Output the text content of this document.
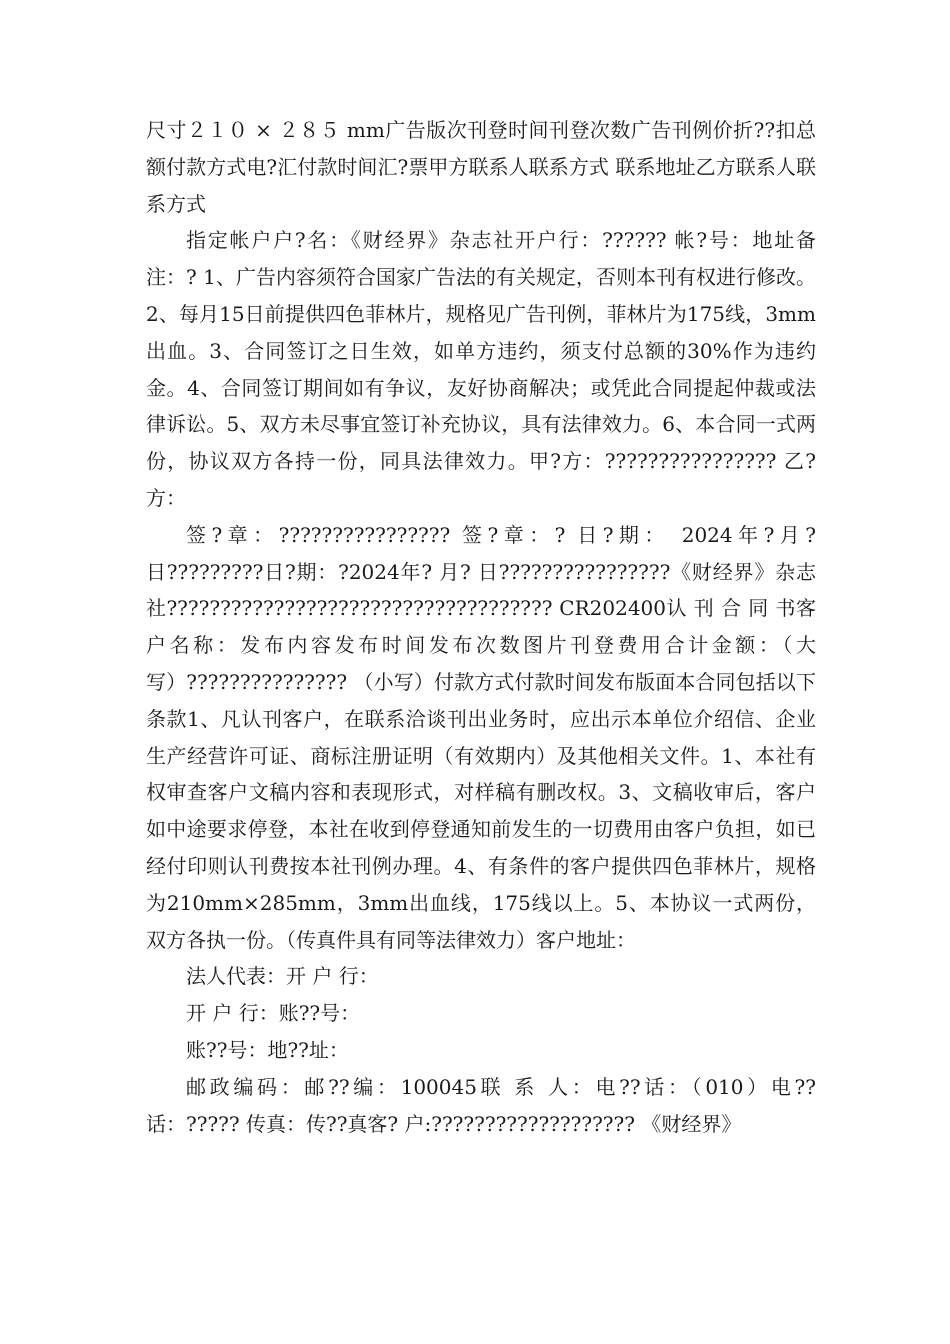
尺寸２１０ × ２８５ mm广告版次刊登时间刊登次数广告刊例价折??扣总 额付款方式电?汇付款时间汇?票甲方联系人联系方式 联系地址乙方联系人联系方式

指定帐户户?名：《财经界》杂志社开户行：?????? 帐?号：地址备注：? 1、广告内容须符合国家广告法的有关规定，否则本刊有权进行修改。2、每月15日前提供四色菲林片，规格见广告刊例，菲林片为175线，3mm出血。3、合同签订之日生效，如单方违约，须支付总额的30%作为违约金。4、合同签订期间如有争议，友好协商解决；或凭此合同提起仲裁或法律诉讼。5、双方未尽事宜签订补充协议，具有法律效力。6、本合同一式两份，协议双方各持一份，同具法律效力。甲?方：???????????????? 乙?方：

签?章：???????????????? 签?章：? 日?期： 2024年?月?日?????????日?期：?2024年? 月? 日????????????????《财经界》杂志社???????????????????????????????????? CR202400认 刊 合 同 书客户名称：发布内容发布时间发布次数图片刊登费用合计金额：（大写）??????????????? （小写）付款方式付款时间发布版面本合同包括以下条款1、凡认刊客户，在联系洽谈刊出业务时，应出示本单位介绍信、企业生产经营许可证、商标注册证明（有效期内）及其他相关文件。1、本社有权审查客户文稿内容和表现形式，对样稿有删改权。3、文稿收审后，客户如中途要求停登，本社在收到停登通知前发生的一切费用由客户负担，如已经付印则认刊费按本社刊例办理。4、有条件的客户提供四色菲林片，规格为210mm×285mm，3mm出血线，175线以上。5、本协议一式两份，双方各执一份。（传真件具有同等法律效力）客户地址：

法人代表：开 户 行：

开 户 行：账??号：

账??号：地??址：

邮政编码：邮??编：100045联 系 人：电??话：（010）电??话：????? 传真：传??真客? 户:??????????????????? 《财经界》
